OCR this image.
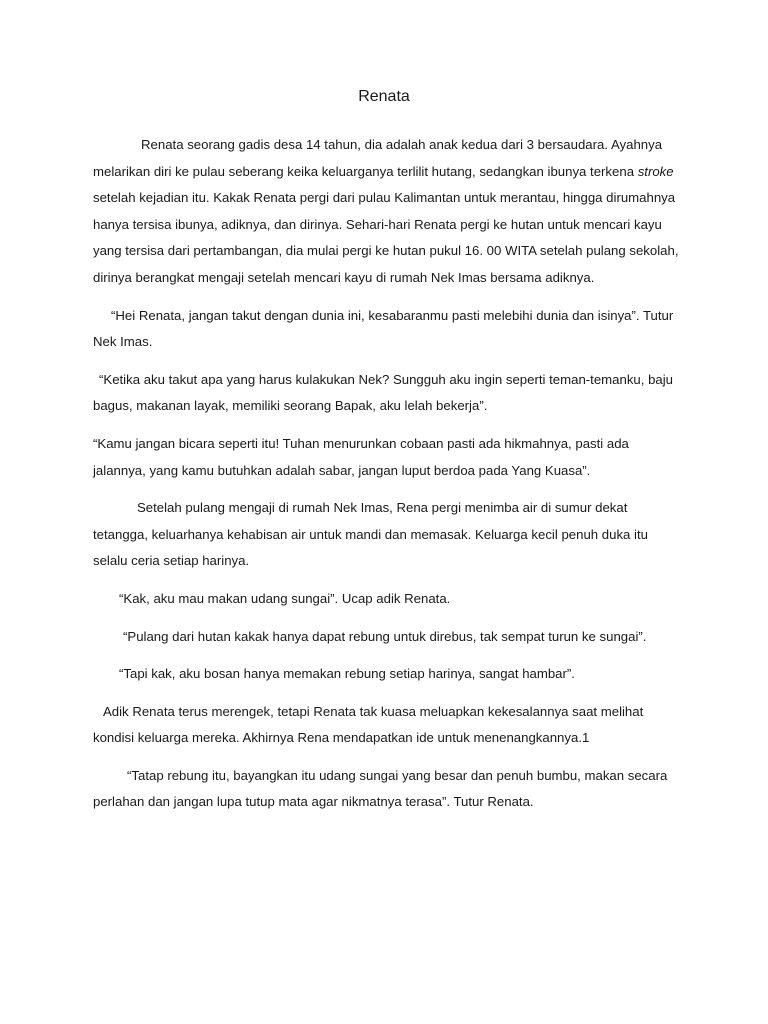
Renata

Renata seorang gadis desa 14 tahun, dia adalah anak kedua dari 3 bersaudara. Ayahnya melarikan diri ke pulau seberang keika keluarganya terlilit hutang, sedangkan ibunya terkena stroke setelah kejadian itu. Kakak Renata pergi dari pulau Kalimantan untuk merantau, hingga dirumahnya hanya tersisa ibunya, adiknya, dan dirinya. Sehari-hari Renata pergi ke hutan untuk mencari kayu yang tersisa dari pertambangan, dia mulai pergi ke hutan pukul 16. 00 WITA setelah pulang sekolah, dirinya berangkat mengaji setelah mencari kayu di rumah Nek Imas bersama adiknya.

“Hei Renata, jangan takut dengan dunia ini, kesabaranmu pasti melebihi dunia dan isinya”. Tutur Nek Imas.

“Ketika aku takut apa yang harus kulakukan Nek? Sungguh aku ingin seperti teman-temanku, baju bagus, makanan layak, memiliki seorang Bapak, aku lelah bekerja”.

“Kamu jangan bicara seperti itu! Tuhan menurunkan cobaan pasti ada hikmahnya, pasti ada jalannya, yang kamu butuhkan adalah sabar, jangan luput berdoa pada Yang Kuasa”.

Setelah pulang mengaji di rumah Nek Imas, Rena pergi menimba air di sumur dekat tetangga, keluarhanya kehabisan air untuk mandi dan memasak. Keluarga kecil penuh duka itu selalu ceria setiap harinya.

“Kak, aku mau makan udang sungai”. Ucap adik Renata.

“Pulang dari hutan kakak hanya dapat rebung untuk direbus, tak sempat turun ke sungai”.

“Tapi kak, aku bosan hanya memakan rebung setiap harinya, sangat hambar”.

Adik Renata terus merengek, tetapi Renata tak kuasa meluapkan kekesalannya saat melihat kondisi keluarga mereka. Akhirnya Rena mendapatkan ide untuk menenangkannya.1

“Tatap rebung itu, bayangkan itu udang sungai yang besar dan penuh bumbu, makan secara perlahan dan jangan lupa tutup mata agar nikmatnya terasa”. Tutur Renata.
